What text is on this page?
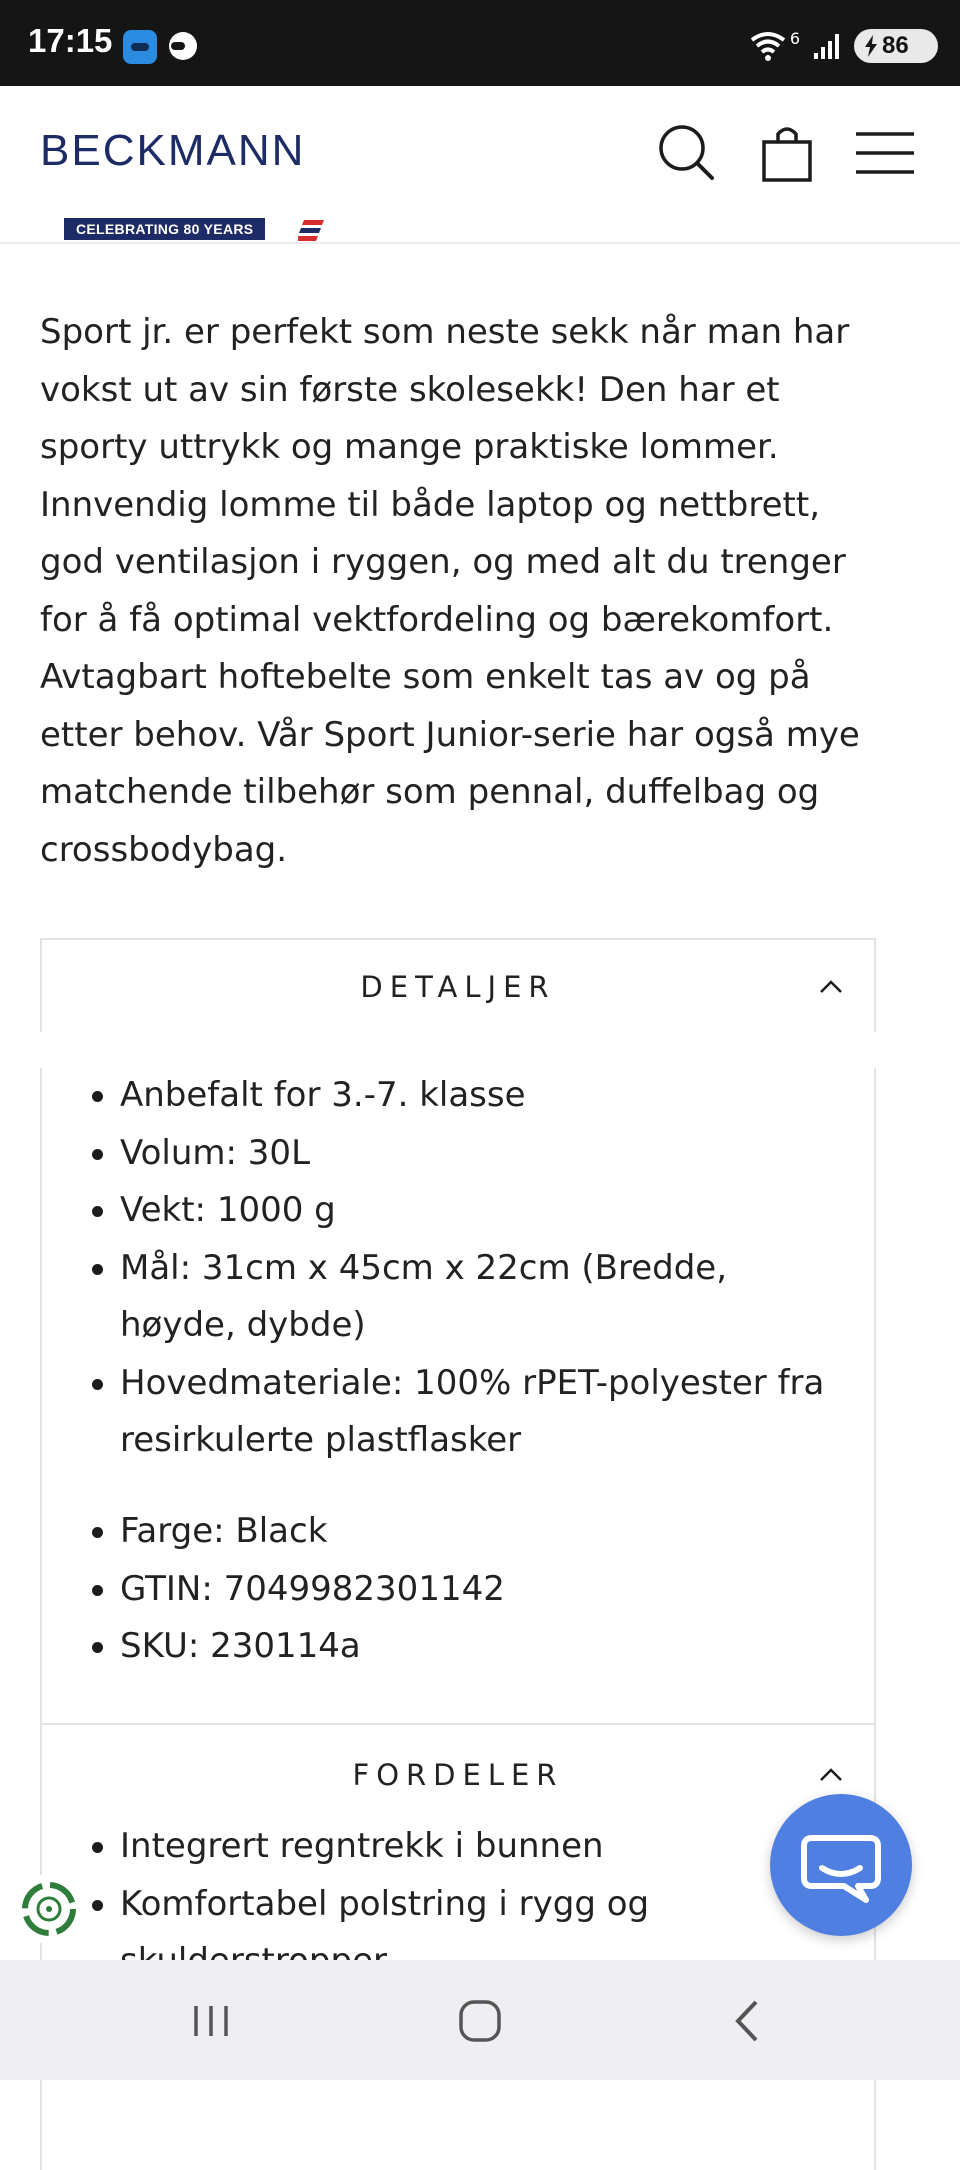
17:15	6	86
BECKMANN
CELEBRATING 80 YEARS

Sport jr. er perfekt som neste sekk når man har vokst ut av sin første skolesekk! Den har et sporty uttrykk og mange praktiske lommer. Innvendig lomme til både laptop og nettbrett, god ventilasjon i ryggen, og med alt du trenger for å få optimal vektfordeling og bærekomfort. Avtagbart hoftebelte som enkelt tas av og på etter behov. Vår Sport Junior-serie har også mye matchende tilbehør som pennal, duffelbag og crossbodybag.

DETALJER
FORDELER
Anbefalt for 3.-7. klasse
Volum: 30L
Vekt: 1000 g
Mål: 31cm x 45cm x 22cm (Bredde, høyde, dybde)
Hovedmateriale: 100% rPET-polyester fra resirkulerte plastflasker
Farge: Black
GTIN: 7049982301142
SKU: 230114a
Integrert regntrekk i bunnen
Komfortabel polstring i rygg og
